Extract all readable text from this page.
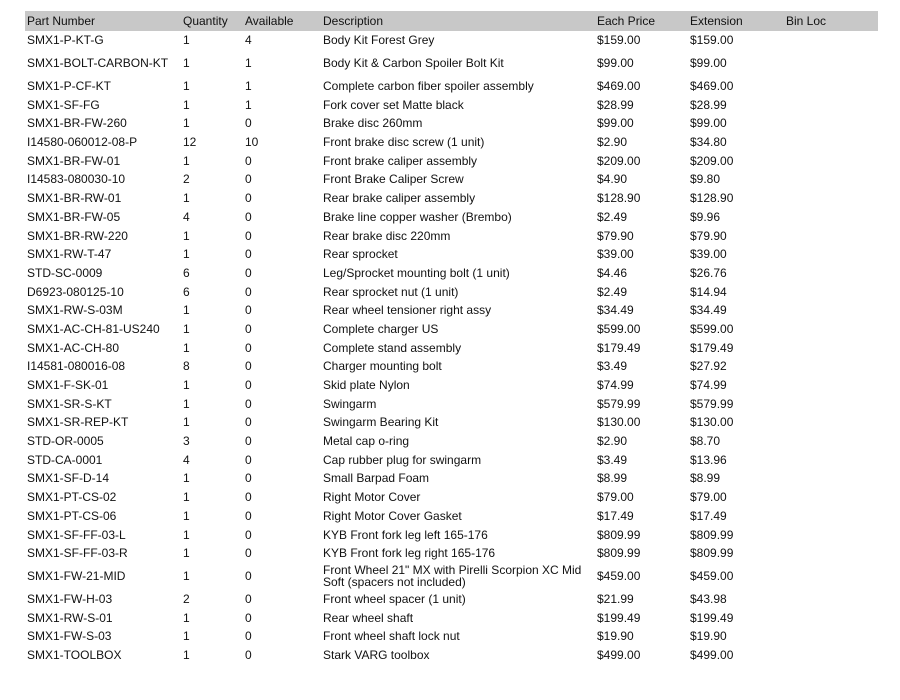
Part Number	Quantity	Available	Description	Each Price	Extension	Bin Loc
SMX1-P-KT-G	1	4	Body Kit Forest Grey	$159.00	$159.00	
SMX1-BOLT-CARBON-KT	1	1	Body Kit & Carbon Spoiler Bolt Kit	$99.00	$99.00	
SMX1-P-CF-KT	1	1	Complete carbon fiber spoiler assembly	$469.00	$469.00	
SMX1-SF-FG	1	1	Fork cover set Matte black	$28.99	$28.99	
SMX1-BR-FW-260	1	0	Brake disc 260mm	$99.00	$99.00	
I14580-060012-08-P	12	10	Front brake disc screw (1 unit)	$2.90	$34.80	
SMX1-BR-FW-01	1	0	Front brake caliper assembly	$209.00	$209.00	
I14583-080030-10	2	0	Front Brake Caliper Screw	$4.90	$9.80	
SMX1-BR-RW-01	1	0	Rear brake caliper assembly	$128.90	$128.90	
SMX1-BR-FW-05	4	0	Brake line copper washer (Brembo)	$2.49	$9.96	
SMX1-BR-RW-220	1	0	Rear brake disc 220mm	$79.90	$79.90	
SMX1-RW-T-47	1	0	Rear sprocket	$39.00	$39.00	
STD-SC-0009	6	0	Leg/Sprocket mounting bolt (1 unit)	$4.46	$26.76	
D6923-080125-10	6	0	Rear sprocket nut (1 unit)	$2.49	$14.94	
SMX1-RW-S-03M	1	0	Rear wheel tensioner right assy	$34.49	$34.49	
SMX1-AC-CH-81-US240	1	0	Complete charger US	$599.00	$599.00	
SMX1-AC-CH-80	1	0	Complete stand assembly	$179.49	$179.49	
I14581-080016-08	8	0	Charger mounting bolt	$3.49	$27.92	
SMX1-F-SK-01	1	0	Skid plate Nylon	$74.99	$74.99	
SMX1-SR-S-KT	1	0	Swingarm	$579.99	$579.99	
SMX1-SR-REP-KT	1	0	Swingarm Bearing Kit	$130.00	$130.00	
STD-OR-0005	3	0	Metal cap o-ring	$2.90	$8.70	
STD-CA-0001	4	0	Cap rubber plug for swingarm	$3.49	$13.96	
SMX1-SF-D-14	1	0	Small Barpad Foam	$8.99	$8.99	
SMX1-PT-CS-02	1	0	Right Motor Cover	$79.00	$79.00	
SMX1-PT-CS-06	1	0	Right Motor Cover Gasket	$17.49	$17.49	
SMX1-SF-FF-03-L	1	0	KYB Front fork leg left 165-176	$809.99	$809.99	
SMX1-SF-FF-03-R	1	0	KYB Front fork leg right 165-176	$809.99	$809.99	
SMX1-FW-21-MID	1	0	Front Wheel 21" MX with Pirelli Scorpion XC Mid Soft (spacers not included)	$459.00	$459.00	
SMX1-FW-H-03	2	0	Front wheel spacer (1 unit)	$21.99	$43.98	
SMX1-RW-S-01	1	0	Rear wheel shaft	$199.49	$199.49	
SMX1-FW-S-03	1	0	Front wheel shaft lock nut	$19.90	$19.90	
SMX1-TOOLBOX	1	0	Stark VARG toolbox	$499.00	$499.00	
